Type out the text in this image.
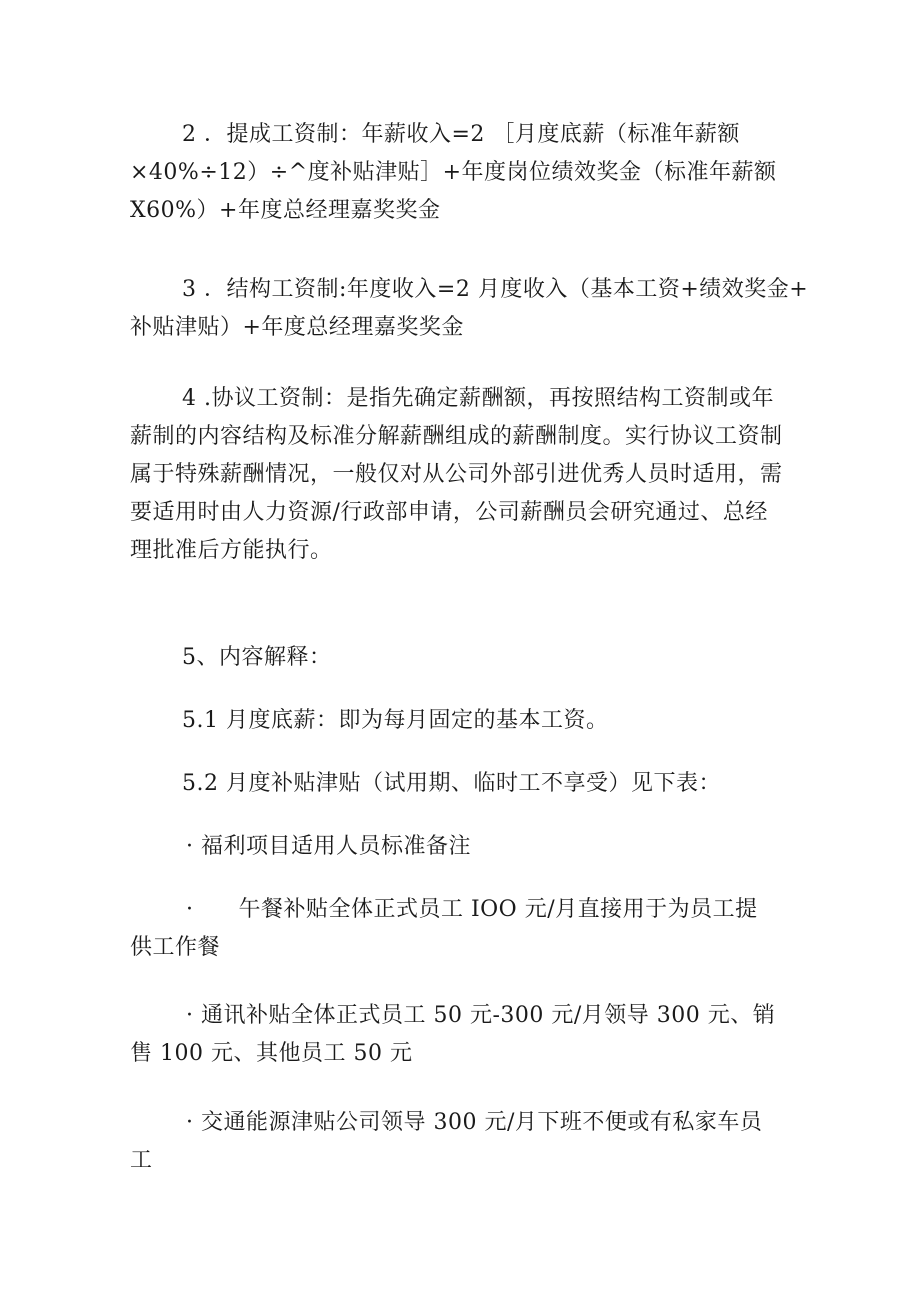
2 ．提成工资制：年薪收入=2 ［月度底薪（标准年薪额
×40%÷12）÷^度补贴津贴］+年度岗位绩效奖金（标准年薪额
X60%）+年度总经理嘉奖奖金
3 ．结构工资制:年度收入=2 月度收入（基本工资+绩效奖金+
补贴津贴）+年度总经理嘉奖奖金
4 .协议工资制：是指先确定薪酬额，再按照结构工资制或年
薪制的内容结构及标准分解薪酬组成的薪酬制度。实行协议工资制
属于特殊薪酬情况，一般仅对从公司外部引进优秀人员时适用，需
要适用时由人力资源/行政部申请，公司薪酬员会研究通过、总经
理批准后方能执行。
5、内容解释：
5.1 月度底薪：即为每月固定的基本工资。
5.2 月度补贴津贴（试用期、临时工不享受）见下表：
· 福利项目适用人员标准备注
·      午餐补贴全体正式员工 IOO 元/月直接用于为员工提
供工作餐
· 通讯补贴全体正式员工 50 元-300 元/月领导 300 元、销
售 100 元、其他员工 50 元
· 交通能源津贴公司领导 300 元/月下班不便或有私家车员
工
